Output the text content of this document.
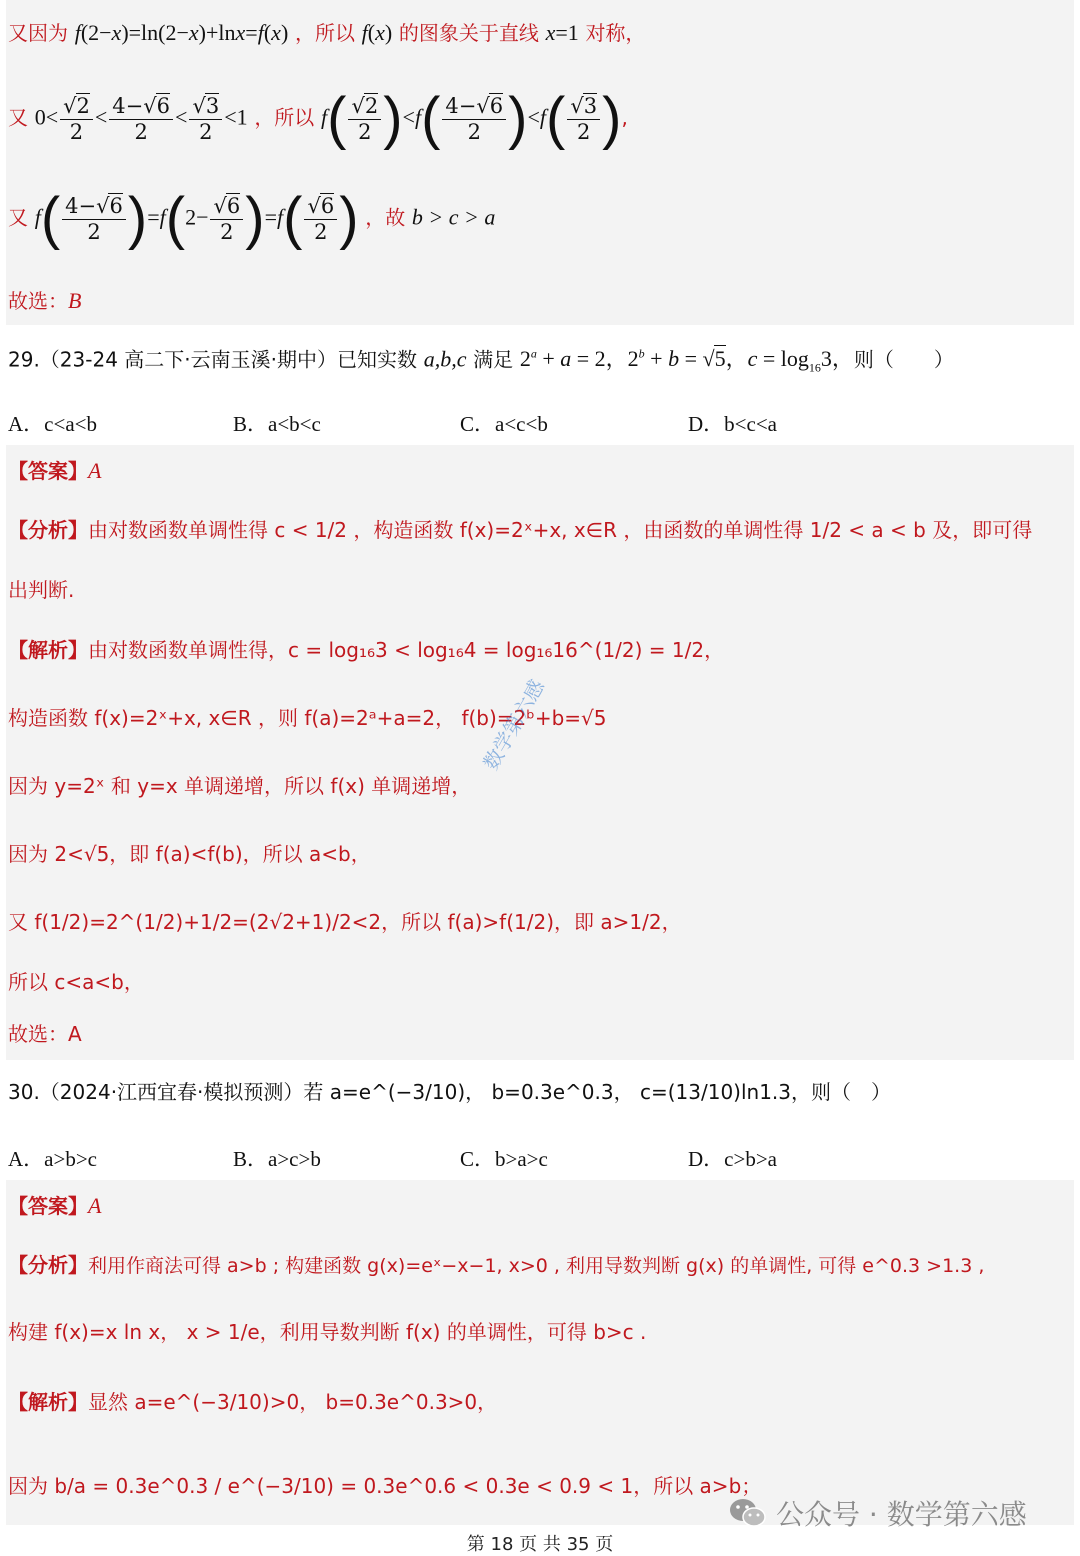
又因为 f(2−x)=ln(2−x)+lnx=f(x) ，所以 f(x) 的图象关于直线 x=1 对称，
又 $0< \frac{√2}{2} < \frac{4-√6}{2} < \frac{√3}{2} <1$ ，所以 $f( \frac{√2}{2} )<f( \frac{4-√6}{2} )<f( \frac{√3}{2}$ ),
又 $f( \frac{4-√6}{2} )=f(2- \frac{√6}{2} )=f( \frac{√6}{2}$ ) ，故 b > c > a
故选：B
29.（23-24 高二下·云南玉溪·期中）已知实数 a,b,c 满足 $2^a + a = 2$，$2^b + b = √5$，$c = \log_{16}3$，则（　　）
A．c<a<b	B．a<b<c	C．a<c<b	D．b<c<a
【答案】A
【分析】由对数函数单调性得 c < 1/2 ，构造函数 f(x)=2ˣ+x, x∈R ，由函数的单调性得 1/2 < a < b 及，即可得
出判断.
【解析】由对数函数单调性得，c = log₁₆3 < log₁₆4 = log₁₆16^(1/2) = 1/2，
构造函数 f(x)=2ˣ+x, x∈R ，则 f(a)=2ᵃ+a=2， f(b)=2ᵇ+b=√5
因为 y=2ˣ 和 y=x 单调递增，所以 f(x) 单调递增，
因为 2<√5，即 f(a)<f(b)，所以 a<b，
又 f(1/2)=2^(1/2)+1/2=(2√2+1)/2<2，所以 f(a)>f(1/2)，即 a>1/2，
所以 c<a<b，
故选：A
数学第六感
30.（2024·江西宜春·模拟预测）若 a=e^(−3/10)， b=0.3e^0.3， c=(13/10)ln1.3，则（　）
A．a>b>c	B．a>c>b	C．b>a>c	D．c>b>a
【答案】A
【分析】利用作商法可得 a>b ; 构建函数 g(x)=eˣ−x−1, x>0 , 利用导数判断 g(x) 的单调性, 可得 e^0.3 >1.3 ,
构建 f(x)=x ln x， x > 1/e，利用导数判断 f(x) 的单调性，可得 b>c .
【解析】显然 a=e^(−3/10)>0， b=0.3e^0.3>0，
因为 b/a = 0.3e^0.3 / e^(−3/10) = 0.3e^0.6 < 0.3e < 0.9 < 1，所以 a>b；
公众号 · 数学第六感
第 18 页 共 35 页
